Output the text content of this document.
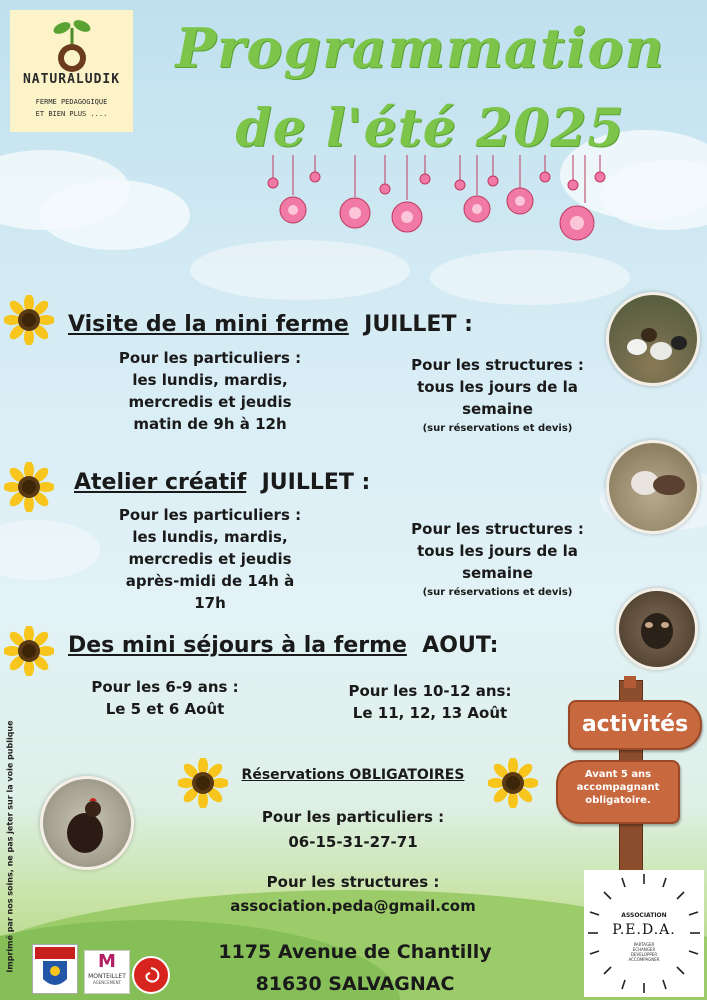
NATURALUDIK
FERME PEDAGOGIQUE
ET BIEN PLUS ....
Programmation
de l'été 2025
Visite de la mini ferme JUILLET :
Pour les particuliers :
les lundis, mardis,
mercredis et jeudis
matin de 9h à 12h
Pour les structures :
tous les jours de la
semaine
(sur réservations et devis)
Atelier créatif JUILLET :
Pour les particuliers :
les lundis, mardis,
mercredis et jeudis
après-midi de 14h à
17h
Pour les structures :
tous les jours de la
semaine
(sur réservations et devis)
Des mini séjours à la ferme AOUT:
Pour les 6-9 ans :
Le 5 et 6 Août
Pour les 10-12 ans:
Le 11, 12, 13 Août	activités
Avant 5 ans
accompagnant
obligatoire.
Réservations OBLIGATOIRES
Pour les particuliers :
06-15-31-27-71
Pour les structures :
association.peda@gmail.com
1175 Avenue de Chantilly
81630 SALVAGNAC
Imprimé par nos soins, ne pas jeter sur la voie publique	M
MONTEILLET
AGENCEMENT
ASSOCIATION
P.E.D.A.
PARTAGER
ECHANGER
DEVELOPPER
ACCOMPAGNER
